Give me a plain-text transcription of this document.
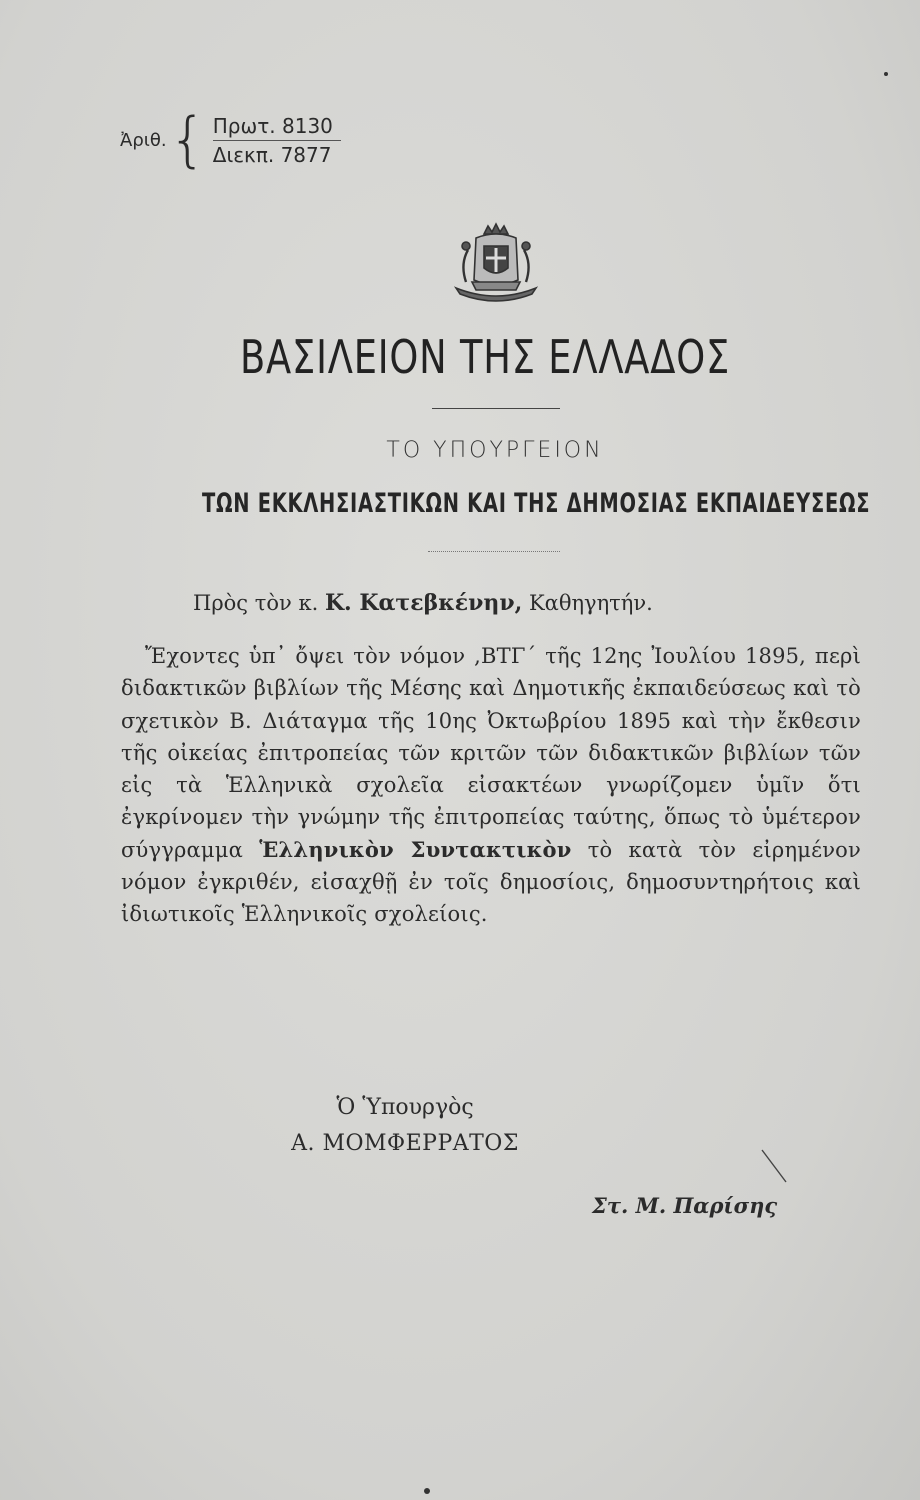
Ἀριθ. { Πρωτ. 8130
Διεκπ. 7877
ΒΑΣΙΛΕΙΟΝ ΤΗΣ ΕΛΛΑΔΟΣ
ΤΟ ΥΠΟΥΡΓΕΙΟΝ
ΤΩΝ ΕΚΚΛΗΣΙΑΣΤΙΚΩΝ ΚΑΙ ΤΗΣ ΔΗΜΟΣΙΑΣ ΕΚΠΑΙΔΕΥΣΕΩΣ
Πρὸς τὸν κ. Κ. Κατεβκένην, Καθηγητήν.
Ἔχοντες ὑπ᾿ ὄψει τὸν νόμον ,ΒΤΓ΄ τῆς 12ης Ἰουλίου 1895, περὶ διδακτικῶν βιβλίων τῆς Μέσης καὶ Δημοτικῆς ἐκπαιδεύσεως καὶ τὸ σχετικὸν Β. Διάταγμα τῆς 10ης Ὀκτωβρίου 1895 καὶ τὴν ἔκθεσιν τῆς οἰκείας ἐπιτροπείας τῶν κριτῶν τῶν διδακτικῶν βιβλίων τῶν εἰς τὰ Ἑλληνικὰ σχολεῖα εἰσακτέων γνωρίζομεν ὑμῖν ὅτι ἐγκρίνομεν τὴν γνώμην τῆς ἐπιτροπείας ταύτης, ὅπως τὸ ὑμέτερον σύγγραμμα Ἑλληνικὸν Συντακτικὸν τὸ κατὰ τὸν εἰρημένον νόμον ἐγκριθέν, εἰσαχθῇ ἐν τοῖς δημοσίοις, δημοσυντηρήτοις καὶ ἰδιωτικοῖς Ἑλληνικοῖς σχολείοις.
Ὁ Ὑπουργὸς
Α. ΜΟΜΦΕΡΡΑΤΟΣ
Στ. Μ. Παρίσης
